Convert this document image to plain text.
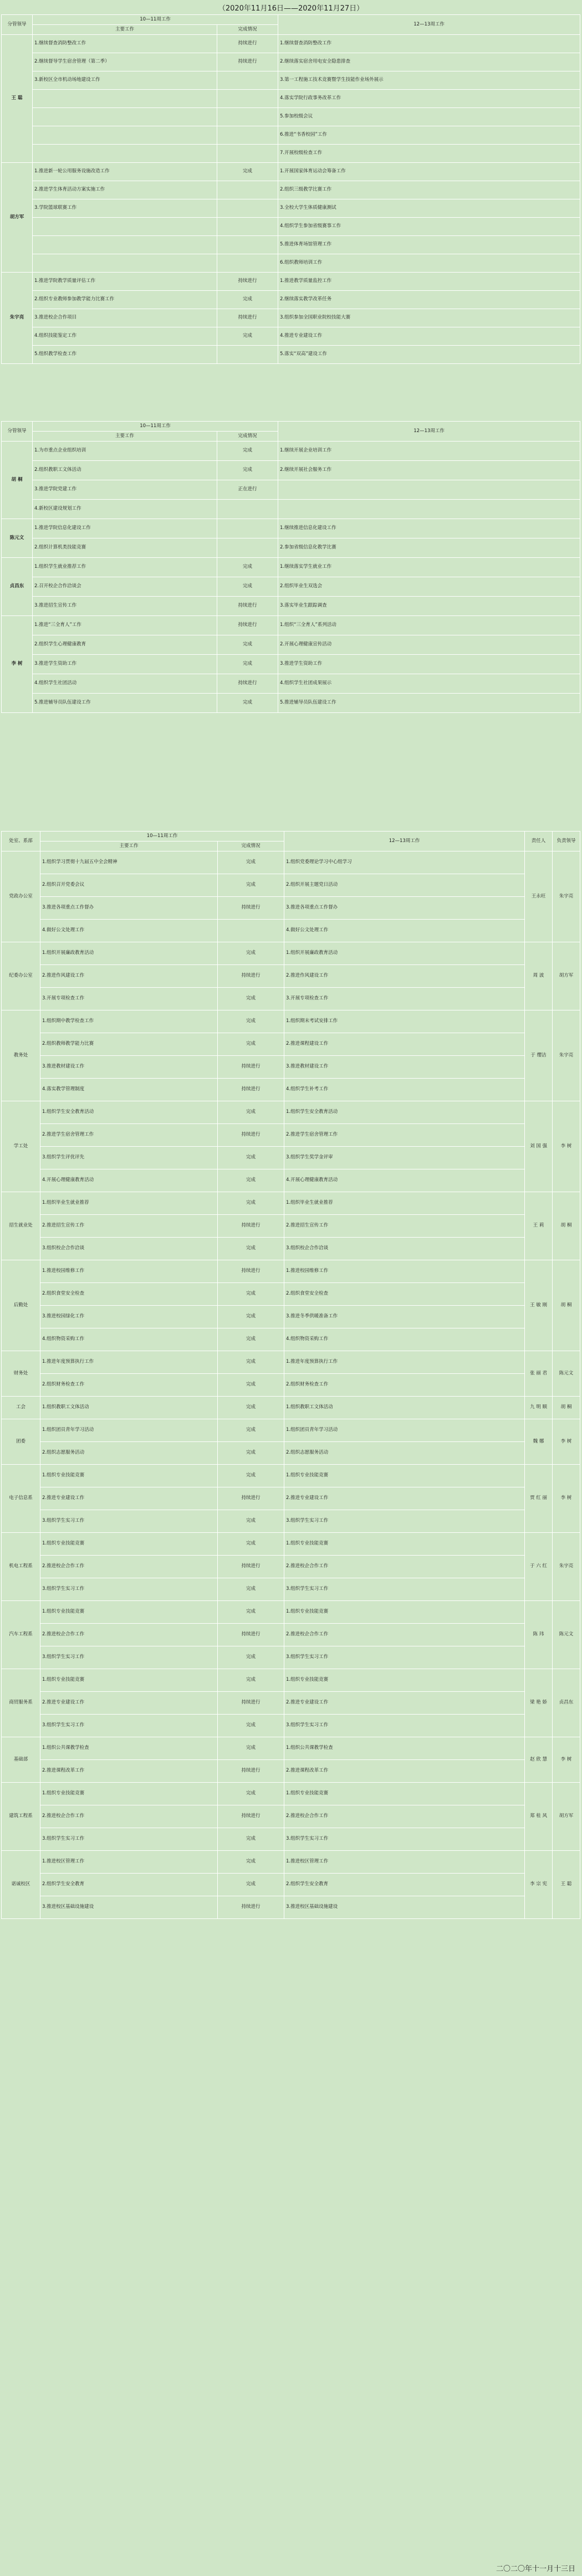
（2020年11月16日——2020年11月27日）
分管领导	10—11周工作		12—13周工作
	主要工作	完成情况	
王 聪	1.继续督查消防整改工作	持续进行	1.继续督查消防整改工作
	2.继续督导学生宿舍管理（第二季）	持续进行	2.继续落实宿舍用电安全隐患排查
	3.新校区全市机动场地建设工作		3.第一工程施工技术竞赛暨学生技能作业场外展示
			4.落实学院行政事务改革工作
			5.参加校级会议
			6.推进“书香校园”工作
			7.开展校级检查工作
胡方军	1.推进新一轮公用服务设施改造工作	完成	1.开展国家体育运动会筹备工作
	2.推进学生体育活动方案实施工作		2.组织三级教学比赛工作
	3.学院篮球联赛工作		3.全校大学生体质健康测试
			4.组织学生参加省级赛事工作
			5.推进体育场馆管理工作
			6.组织教师培训工作
朱宇亮	1.推进学院教学质量评估工作	持续进行	1.推进教学质量监控工作
	2.组织专业教师参加教学能力比赛工作	完成	2.继续落实教学改革任务
	3.推进校企合作项目	持续进行	3.组织参加全国职业院校技能大赛
	4.组织技能鉴定工作	完成	4.推进专业建设工作
	5.组织教学检查工作		5.落实“双高”建设工作
分管领导	10—11周工作		12—13周工作
	主要工作	完成情况	
胡 桐	1.为市重点企业组织培训	完成	1.继续开展企业培训工作
	2.组织教职工文体活动	完成	2.继续开展社会服务工作
	3.推进学院党建工作	正在进行	
	4.新校区建设规划工作		
陈元文	1.推进学院信息化建设工作		1.继续推进信息化建设工作
	2.组织计算机类技能竞赛		2.参加省级信息化教学比赛
贞昌东	1.组织学生就业推荐工作	完成	1.继续落实学生就业工作
	2.召开校企合作洽谈会	完成	2.组织毕业生双选会
	3.推进招生宣传工作	持续进行	3.落实毕业生跟踪调查
李 树	1.推进“三全育人”工作	持续进行	1.组织“三全育人”系列活动
	2.组织学生心理健康教育	完成	2.开展心理健康宣传活动
	3.推进学生资助工作	完成	3.推进学生资助工作
	4.组织学生社团活动	持续进行	4.组织学生社团成果展示
	5.推进辅导员队伍建设工作	完成	5.推进辅导员队伍建设工作
处室、系部	10—11周工作		12—13周工作	责任人	负责领导
	主要工作	完成情况			
党政办公室	1.组织学习贯彻十九届五中全会精神	完成	1.组织党委理论学习中心组学习	王永旺	朱宇亮
	2.组织召开党委会议	完成	2.组织开展主题党日活动		
	3.推进各项重点工作督办	持续进行	3.推进各项重点工作督办		
	4.做好公文处理工作		4.做好公文处理工作		
纪委办公室	1.组织开展廉政教育活动	完成	1.组织开展廉政教育活动	周 波	胡方军
	2.推进作风建设工作	持续进行	2.推进作风建设工作		
	3.开展专项检查工作	完成	3.开展专项检查工作		
教务处	1.组织期中教学检查工作	完成	1.组织期末考试安排工作	于 缨洁	朱宇亮
	2.组织教师教学能力比赛	完成	2.推进课程建设工作		
	3.推进教材建设工作	持续进行	3.推进教材建设工作		
	4.落实教学管理制度	持续进行	4.组织学生补考工作		
学工处	1.组织学生安全教育活动	完成	1.组织学生安全教育活动	刘 国 强	李 树
	2.推进学生宿舍管理工作	持续进行	2.推进学生宿舍管理工作		
	3.组织学生评优评先	完成	3.组织学生奖学金评审		
	4.开展心理健康教育活动	完成	4.开展心理健康教育活动		
招生就业处	1.组织毕业生就业推荐	完成	1.组织毕业生就业推荐	王 莉	胡 桐
	2.推进招生宣传工作	持续进行	2.推进招生宣传工作		
	3.组织校企合作洽谈	完成	3.组织校企合作洽谈		
后勤处	1.推进校园维修工作	持续进行	1.推进校园维修工作	王 敏 刚	胡 桐
	2.组织食堂安全检查	完成	2.组织食堂安全检查		
	3.推进校园绿化工作	完成	3.推进冬季供暖准备工作		
	4.组织物资采购工作	完成	4.组织物资采购工作		
财务处	1.推进年度预算执行工作	完成	1.推进年度预算执行工作	张 丽 君	陈元文
	2.组织财务检查工作	完成	2.组织财务检查工作		
工会	1.组织教职工文体活动	完成	1.组织教职工文体活动	九 明 顺	胡 桐
团委	1.组织团员青年学习活动	完成	1.组织团员青年学习活动	魏 娜	李 树
	2.组织志愿服务活动	完成	2.组织志愿服务活动		
电子信息系	1.组织专业技能竞赛	完成	1.组织专业技能竞赛	贾 红 丽	李 树
	2.推进专业建设工作	持续进行	2.推进专业建设工作		
	3.组织学生实习工作	完成	3.组织学生实习工作		
机电工程系	1.组织专业技能竞赛	完成	1.组织专业技能竞赛	于 六 红	朱宇亮
	2.推进校企合作工作	持续进行	2.推进校企合作工作		
	3.组织学生实习工作	完成	3.组织学生实习工作		
汽车工程系	1.组织专业技能竞赛	完成	1.组织专业技能竞赛	陈 玮	陈元文
	2.推进校企合作工作	持续进行	2.推进校企合作工作		
	3.组织学生实习工作	完成	3.组织学生实习工作		
商贸服务系	1.组织专业技能竞赛	完成	1.组织专业技能竞赛	梁 艳 娇	贞昌东
	2.推进专业建设工作	持续进行	2.推进专业建设工作		
	3.组织学生实习工作	完成	3.组织学生实习工作		
基础部	1.组织公共课教学检查	完成	1.组织公共课教学检查	赵 欣 慧	李 树
	2.推进课程改革工作	持续进行	2.推进课程改革工作		
建筑工程系	1.组织专业技能竞赛	完成	1.组织专业技能竞赛	郑 桂 风	胡方军
	2.推进校企合作工作	持续进行	2.推进校企合作工作		
	3.组织学生实习工作	完成	3.组织学生实习工作		
诺诚校区	1.推进校区管理工作	完成	1.推进校区管理工作	李 宗 宪	王 聪
	2.组织学生安全教育	完成	2.组织学生安全教育		
	3.推进校区基础设施建设	持续进行	3.推进校区基础设施建设		
二〇二〇年十一月十三日
